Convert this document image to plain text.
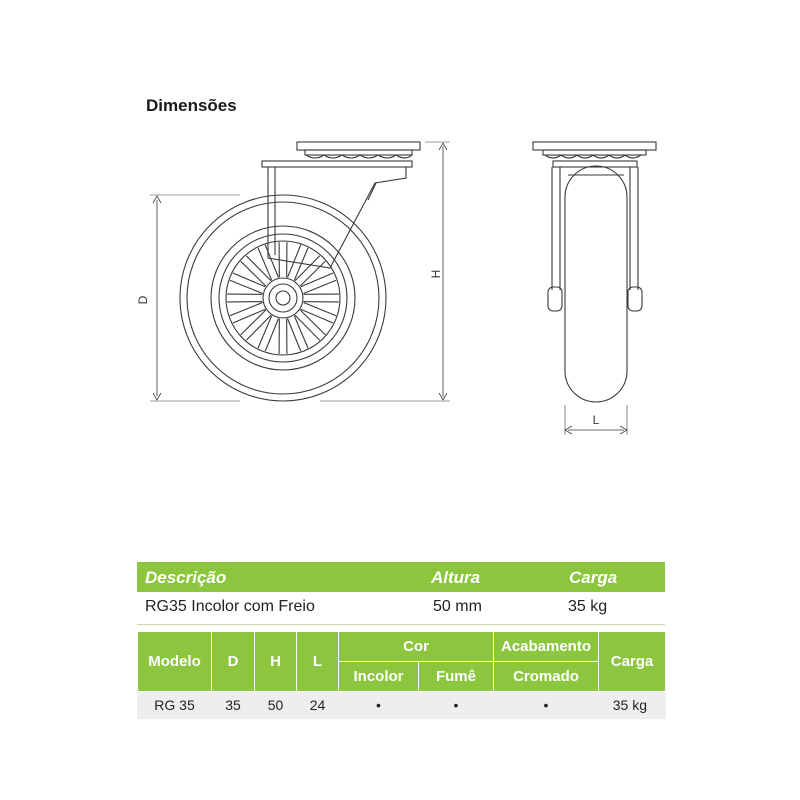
Dimensões
D
H
L
Descrição	Altura	Carga
RG35 Incolor com Freio	50 mm	35 kg
Modelo	D	H	L	Cor		Acabamento	Carga
				Incolor	Fumê	Cromado	
RG 35	35	50	24	•	•	•	35 kg
